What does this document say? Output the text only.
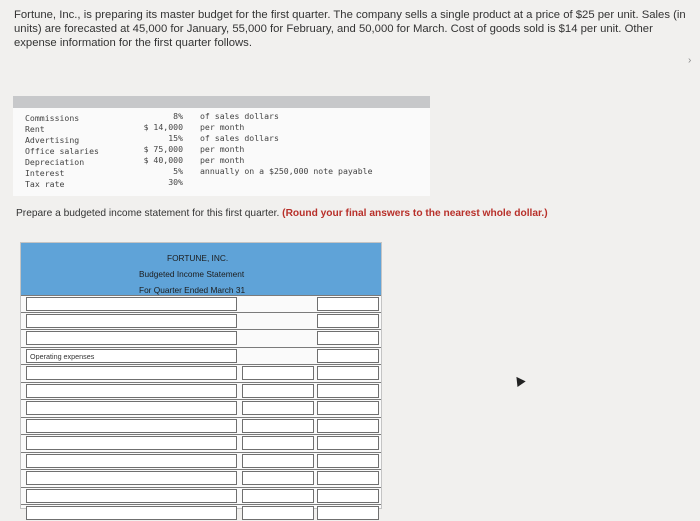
Fortune, Inc., is preparing its master budget for the first quarter. The company sells a single product at a price of $25 per unit. Sales (in units) are forecasted at 45,000 for January, 55,000 for February, and 50,000 for March. Cost of goods sold is $14 per unit. Other expense information for the first quarter follows.
›
Commissions	8% of sales dollars
Rent	$ 14,000 per month
Advertising	15% of sales dollars
Office salaries	$ 75,000 per month
Depreciation	$ 40,000 per month
Interest	5% annually on a $250,000 note payable
Tax rate	30%
Prepare a budgeted income statement for this first quarter. (Round your final answers to the nearest whole dollar.)
FORTUNE, INC.
Budgeted Income Statement
For Quarter Ended March 31
Operating expenses
